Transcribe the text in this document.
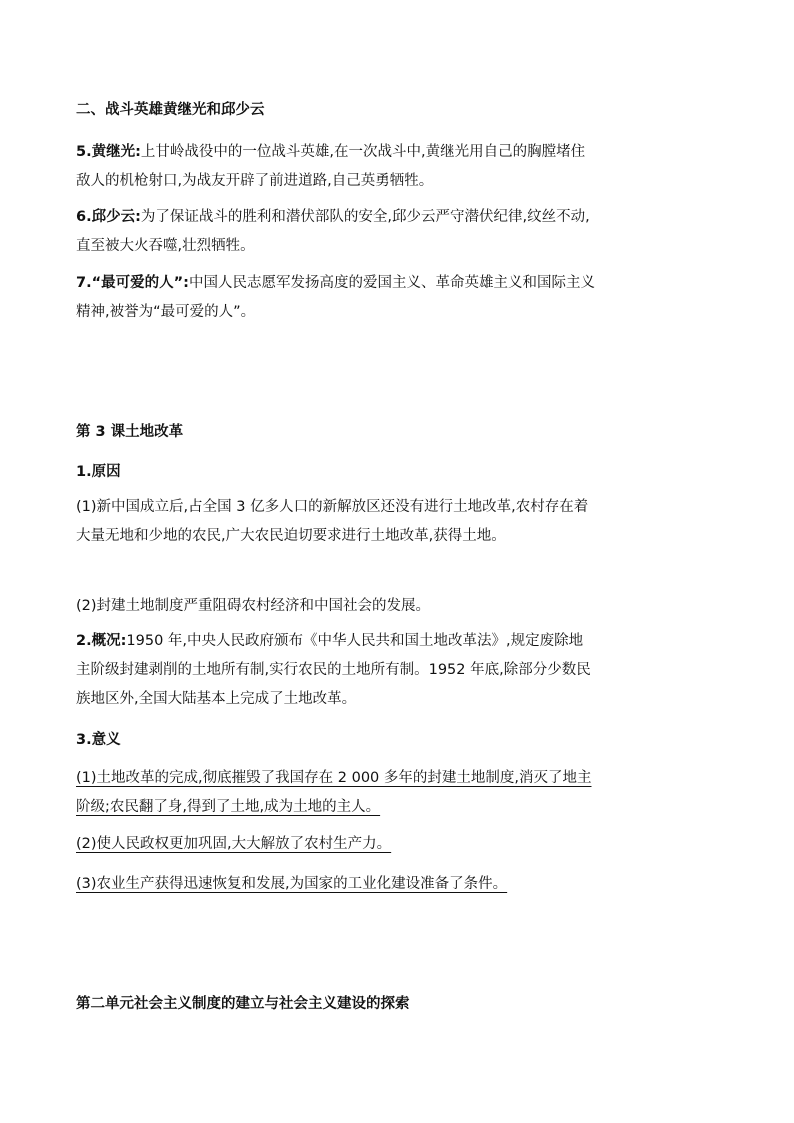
二、战斗英雄黄继光和邱少云
5.黄继光:上甘岭战役中的一位战斗英雄,在一次战斗中,黄继光用自己的胸膛堵住敌人的机枪射口,为战友开辟了前进道路,自己英勇牺牲。
6.邱少云:为了保证战斗的胜利和潜伏部队的安全,邱少云严守潜伏纪律,纹丝不动,直至被大火吞噬,壮烈牺牲。
7.“最可爱的人”:中国人民志愿军发扬高度的爱国主义、革命英雄主义和国际主义精神,被誉为“最可爱的人”。
第 3 课土地改革
1.原因
(1)新中国成立后,占全国 3 亿多人口的新解放区还没有进行土地改革,农村存在着大量无地和少地的农民,广大农民迫切要求进行土地改革,获得土地。
(2)封建土地制度严重阻碍农村经济和中国社会的发展。
2.概况:1950 年,中央人民政府颁布《中华人民共和国土地改革法》,规定废除地主阶级封建剥削的土地所有制,实行农民的土地所有制。1952 年底,除部分少数民族地区外,全国大陆基本上完成了土地改革。
3.意义
(1)土地改革的完成,彻底摧毁了我国存在 2 000 多年的封建土地制度,消灭了地主阶级;农民翻了身,得到了土地,成为土地的主人。
(2)使人民政权更加巩固,大大解放了农村生产力。
(3)农业生产获得迅速恢复和发展,为国家的工业化建设准备了条件。
第二单元社会主义制度的建立与社会主义建设的探索
